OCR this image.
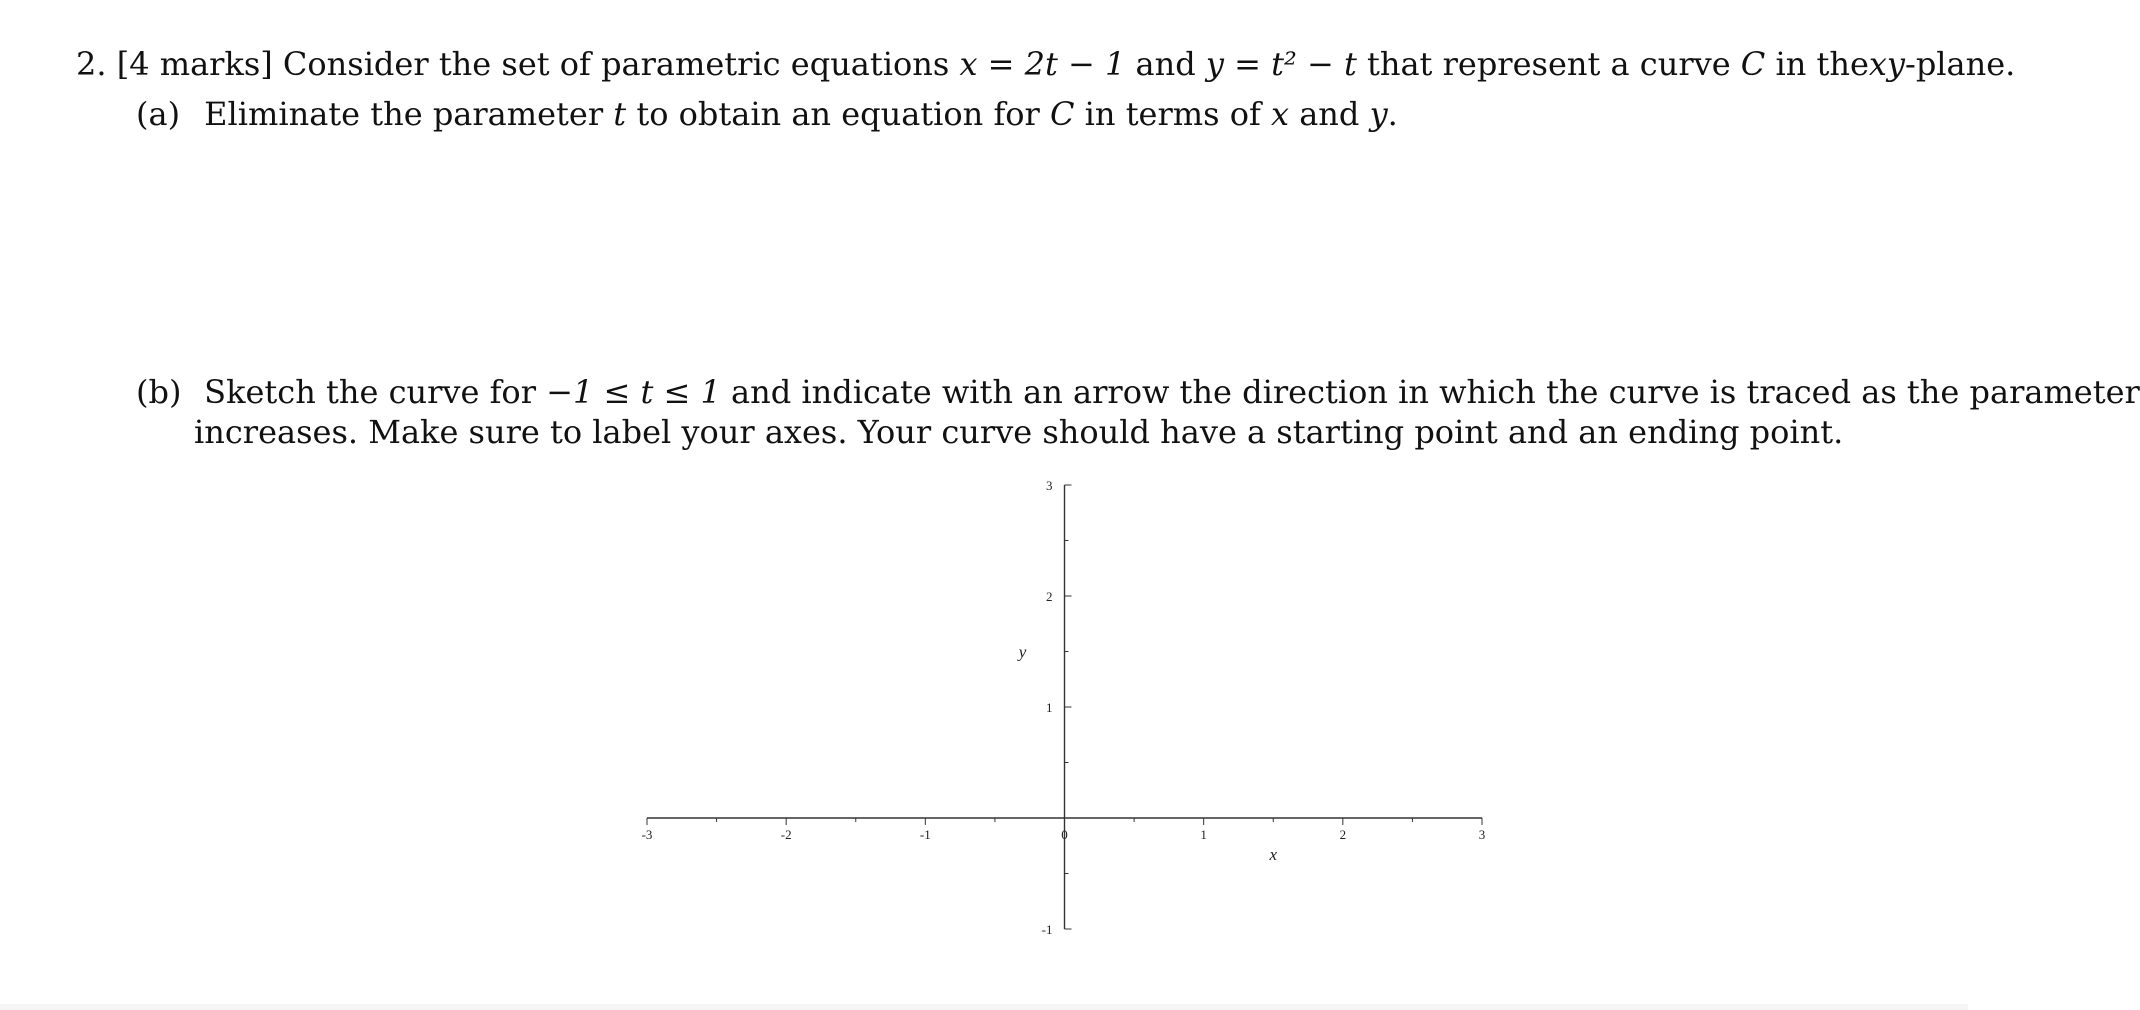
2. [4 marks] Consider the set of parametric equations x = 2t − 1 and y = t² − t that represent a curve C in thexy-plane.
(a) Eliminate the parameter t to obtain an equation for C in terms of x and y.
(b) Sketch the curve for −1 ≤ t ≤ 1 and indicate with an arrow the direction in which the curve is traced as the parameter
increases. Make sure to label your axes. Your curve should have a starting point and an ending point.
-3	-2	-1	0	1	2	3
-1
1
2
3
x
y
